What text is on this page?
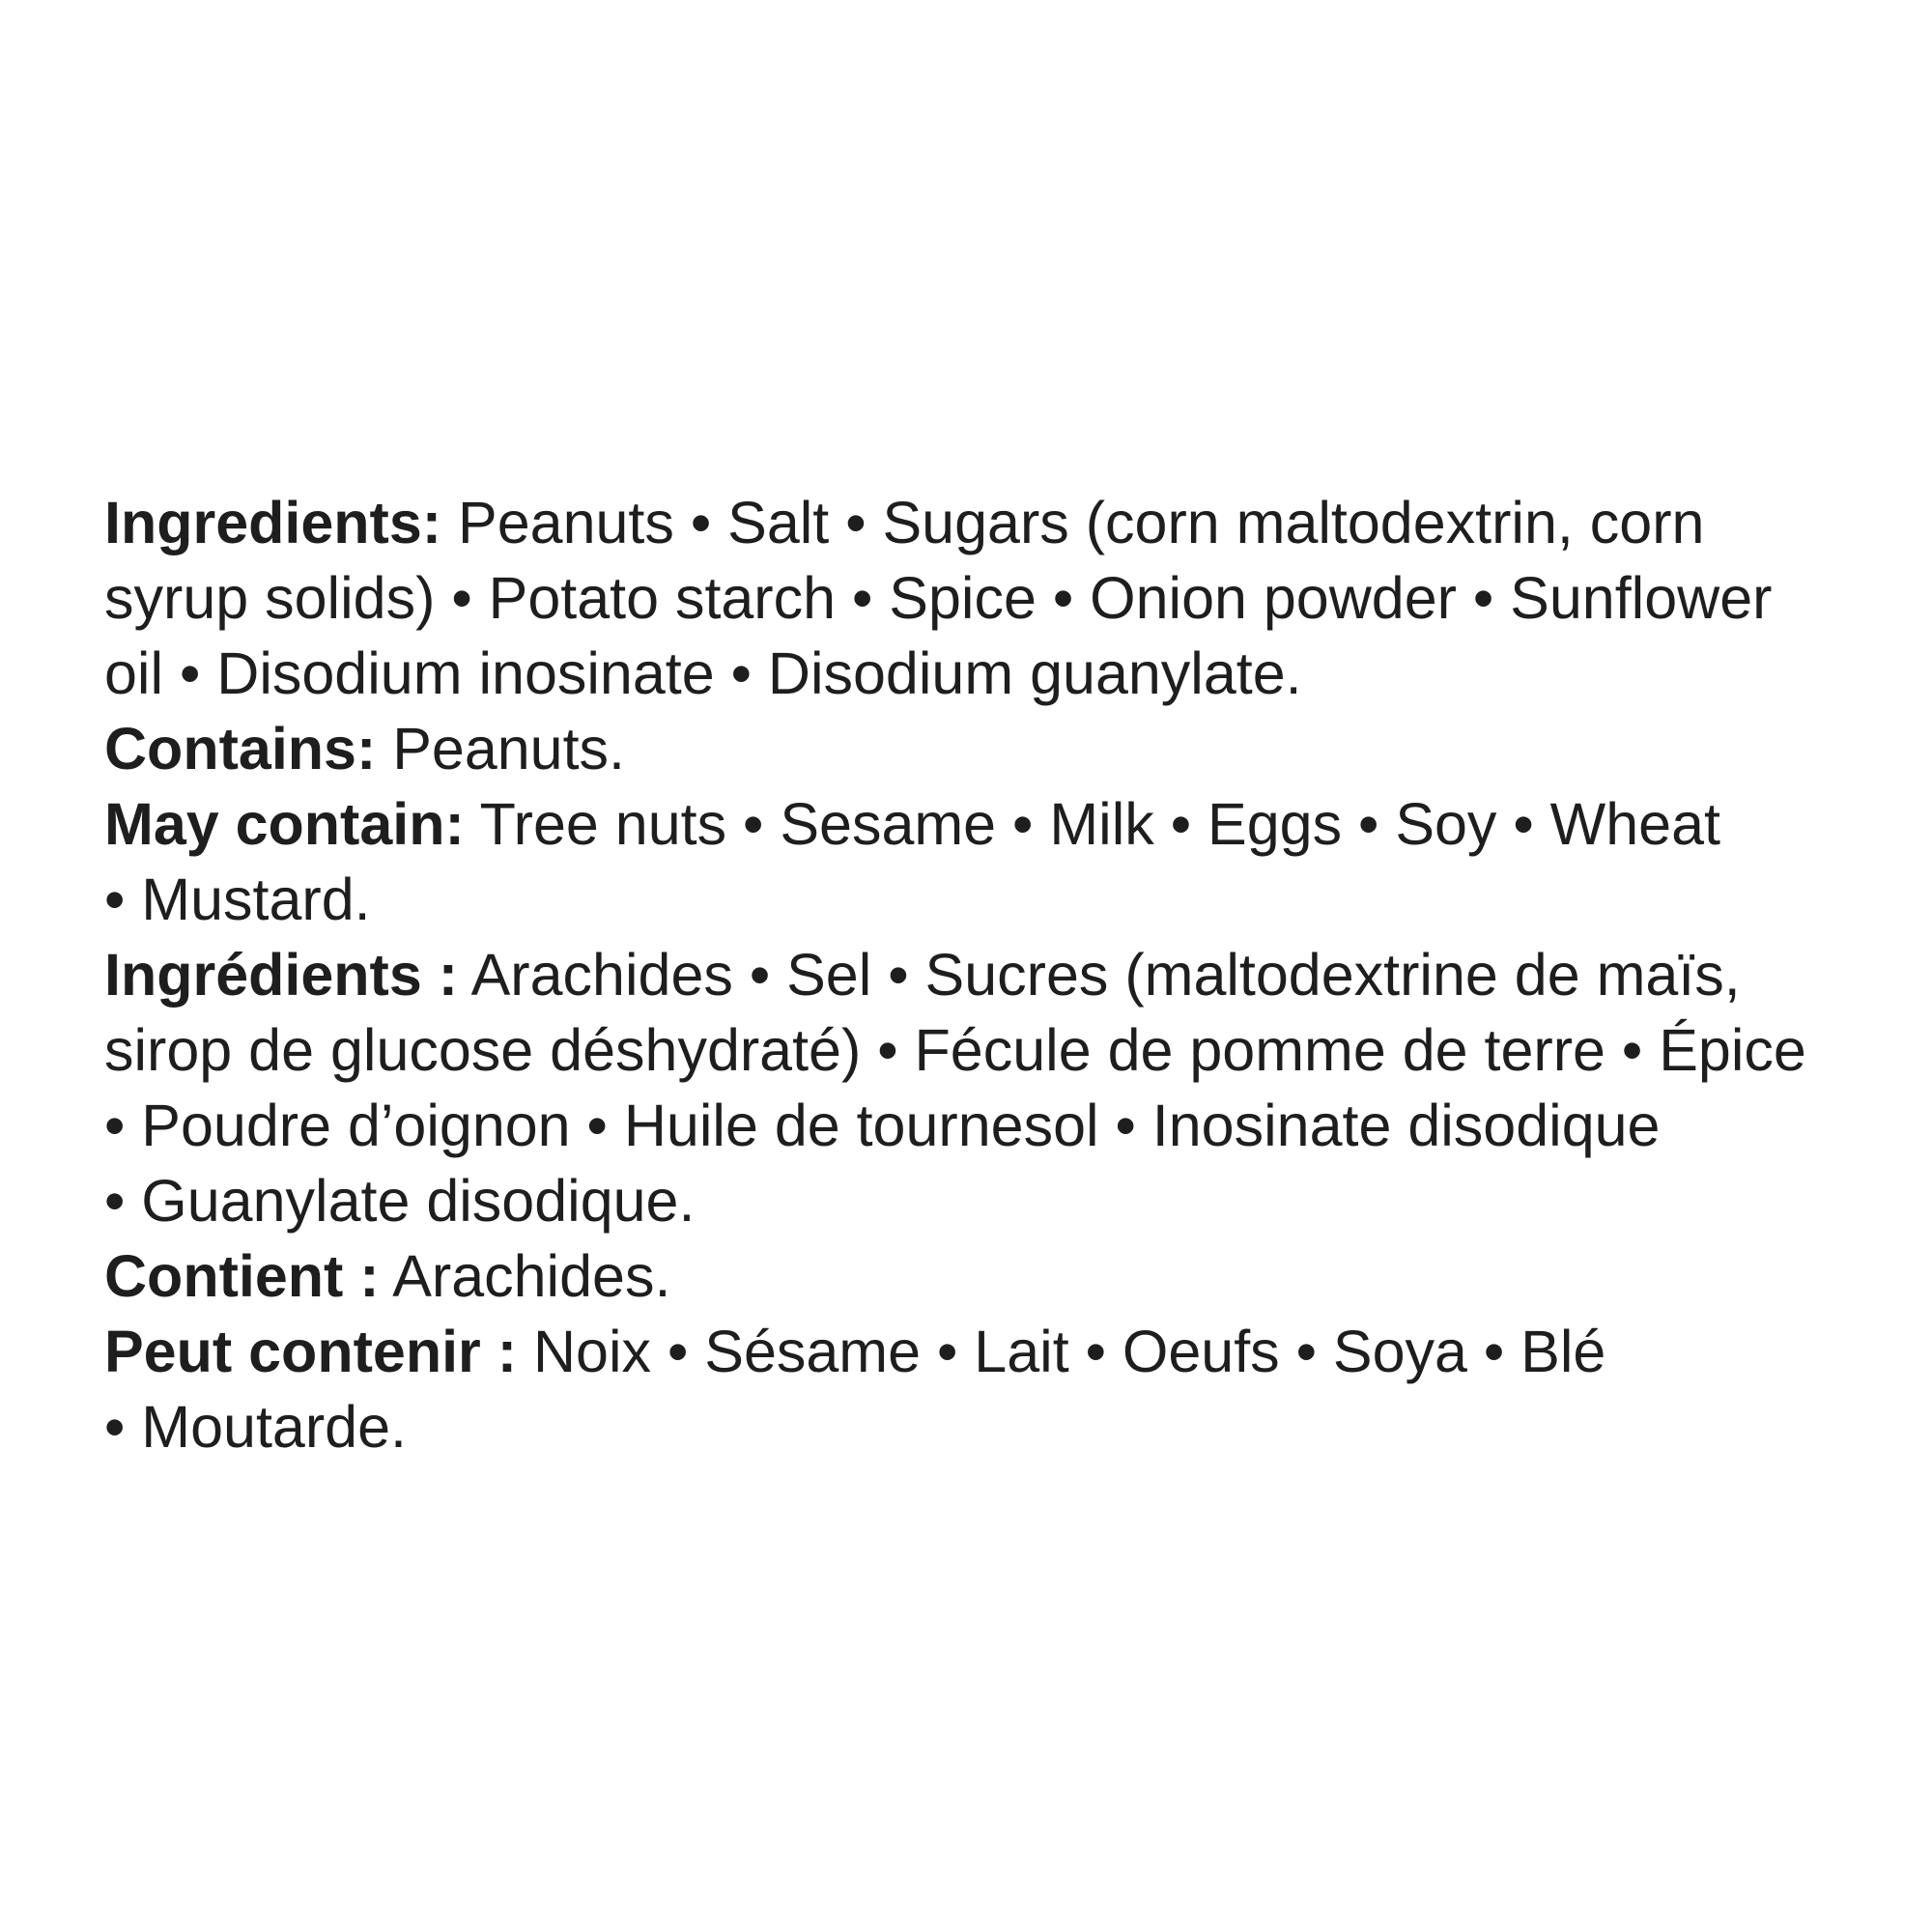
Ingredients: Peanuts • Salt • Sugars (corn maltodextrin, corn
syrup solids) • Potato starch • Spice • Onion powder • Sunflower
oil • Disodium inosinate • Disodium guanylate.
Contains: Peanuts.
May contain: Tree nuts • Sesame • Milk • Eggs • Soy • Wheat
• Mustard.
Ingrédients : Arachides • Sel • Sucres (maltodextrine de maïs,
sirop de glucose déshydraté) • Fécule de pomme de terre • Épice
• Poudre d’oignon • Huile de tournesol • Inosinate disodique
• Guanylate disodique.
Contient : Arachides.
Peut contenir : Noix • Sésame • Lait • Oeufs • Soya • Blé
• Moutarde.
